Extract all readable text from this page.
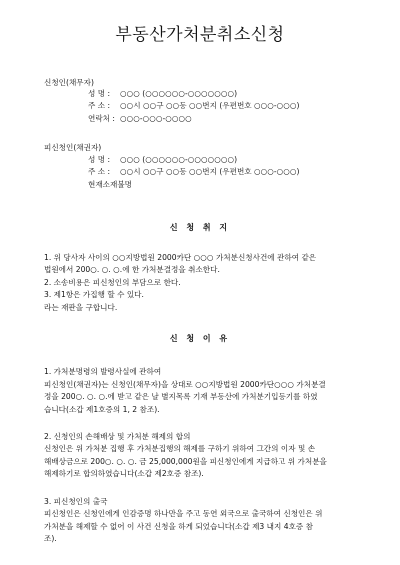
부동산가처분취소신청
신청인(채무자)
성 명 : ○○○ (○○○○○○-○○○○○○○)
주 소 : ○○시 ○○구 ○○동 ○○번지 (우편번호 ○○○-○○○)
연락처 : ○○○-○○○-○○○○
피신청인(채권자)
성 명 : ○○○ (○○○○○○-○○○○○○○)
주 소 : ○○시 ○○구 ○○동 ○○번지 (우편번호 ○○○-○○○)
현재소재불명
신 청 취 지
1. 위 당사자 사이의 ○○지방법원 2000카단 ○○○ 가처분신청사건에 관하여 같은
법원에서 200○. ○. ○.에 한 가처분결정을 취소한다.
2. 소송비용은 피신청인의 부담으로 한다.
3. 제1항은 가집행 할 수 있다.
라는 재판을 구합니다.
신 청 이 유
1. 가처분명령의 발령사실에 관하여
피신청인(채권자)는 신청인(채무자)을 상대로 ○○지방법원 2000카단○○○ 가처분결
정을 200○. ○. ○.에 받고 같은 날 별지목록 기재 부동산에 가처분기입등기를 하였
습니다(소갑 제1호증의 1, 2 참조).
2. 신청인의 손해배상 및 가처분 해제의 합의
신청인은 위 가처분 집행 후 가처분집행의 해제를 구하기 위하여 그간의 이자 및 손
해배상금으로 200○. ○. ○. 금 25,000,000원을 피신청인에게 지급하고 위 가처분을
해제하기로 합의하였습니다(소갑 제2호증 참조).
3. 피신청인의 출국
피신청인은 신청인에게 인감증명 하나만을 주고 동연 외국으로 출국하여 신청인은 위
가처분을 해제할 수 없어 이 사건 신청을 하게 되었습니다(소갑 제3 내지 4호증 참
조).
